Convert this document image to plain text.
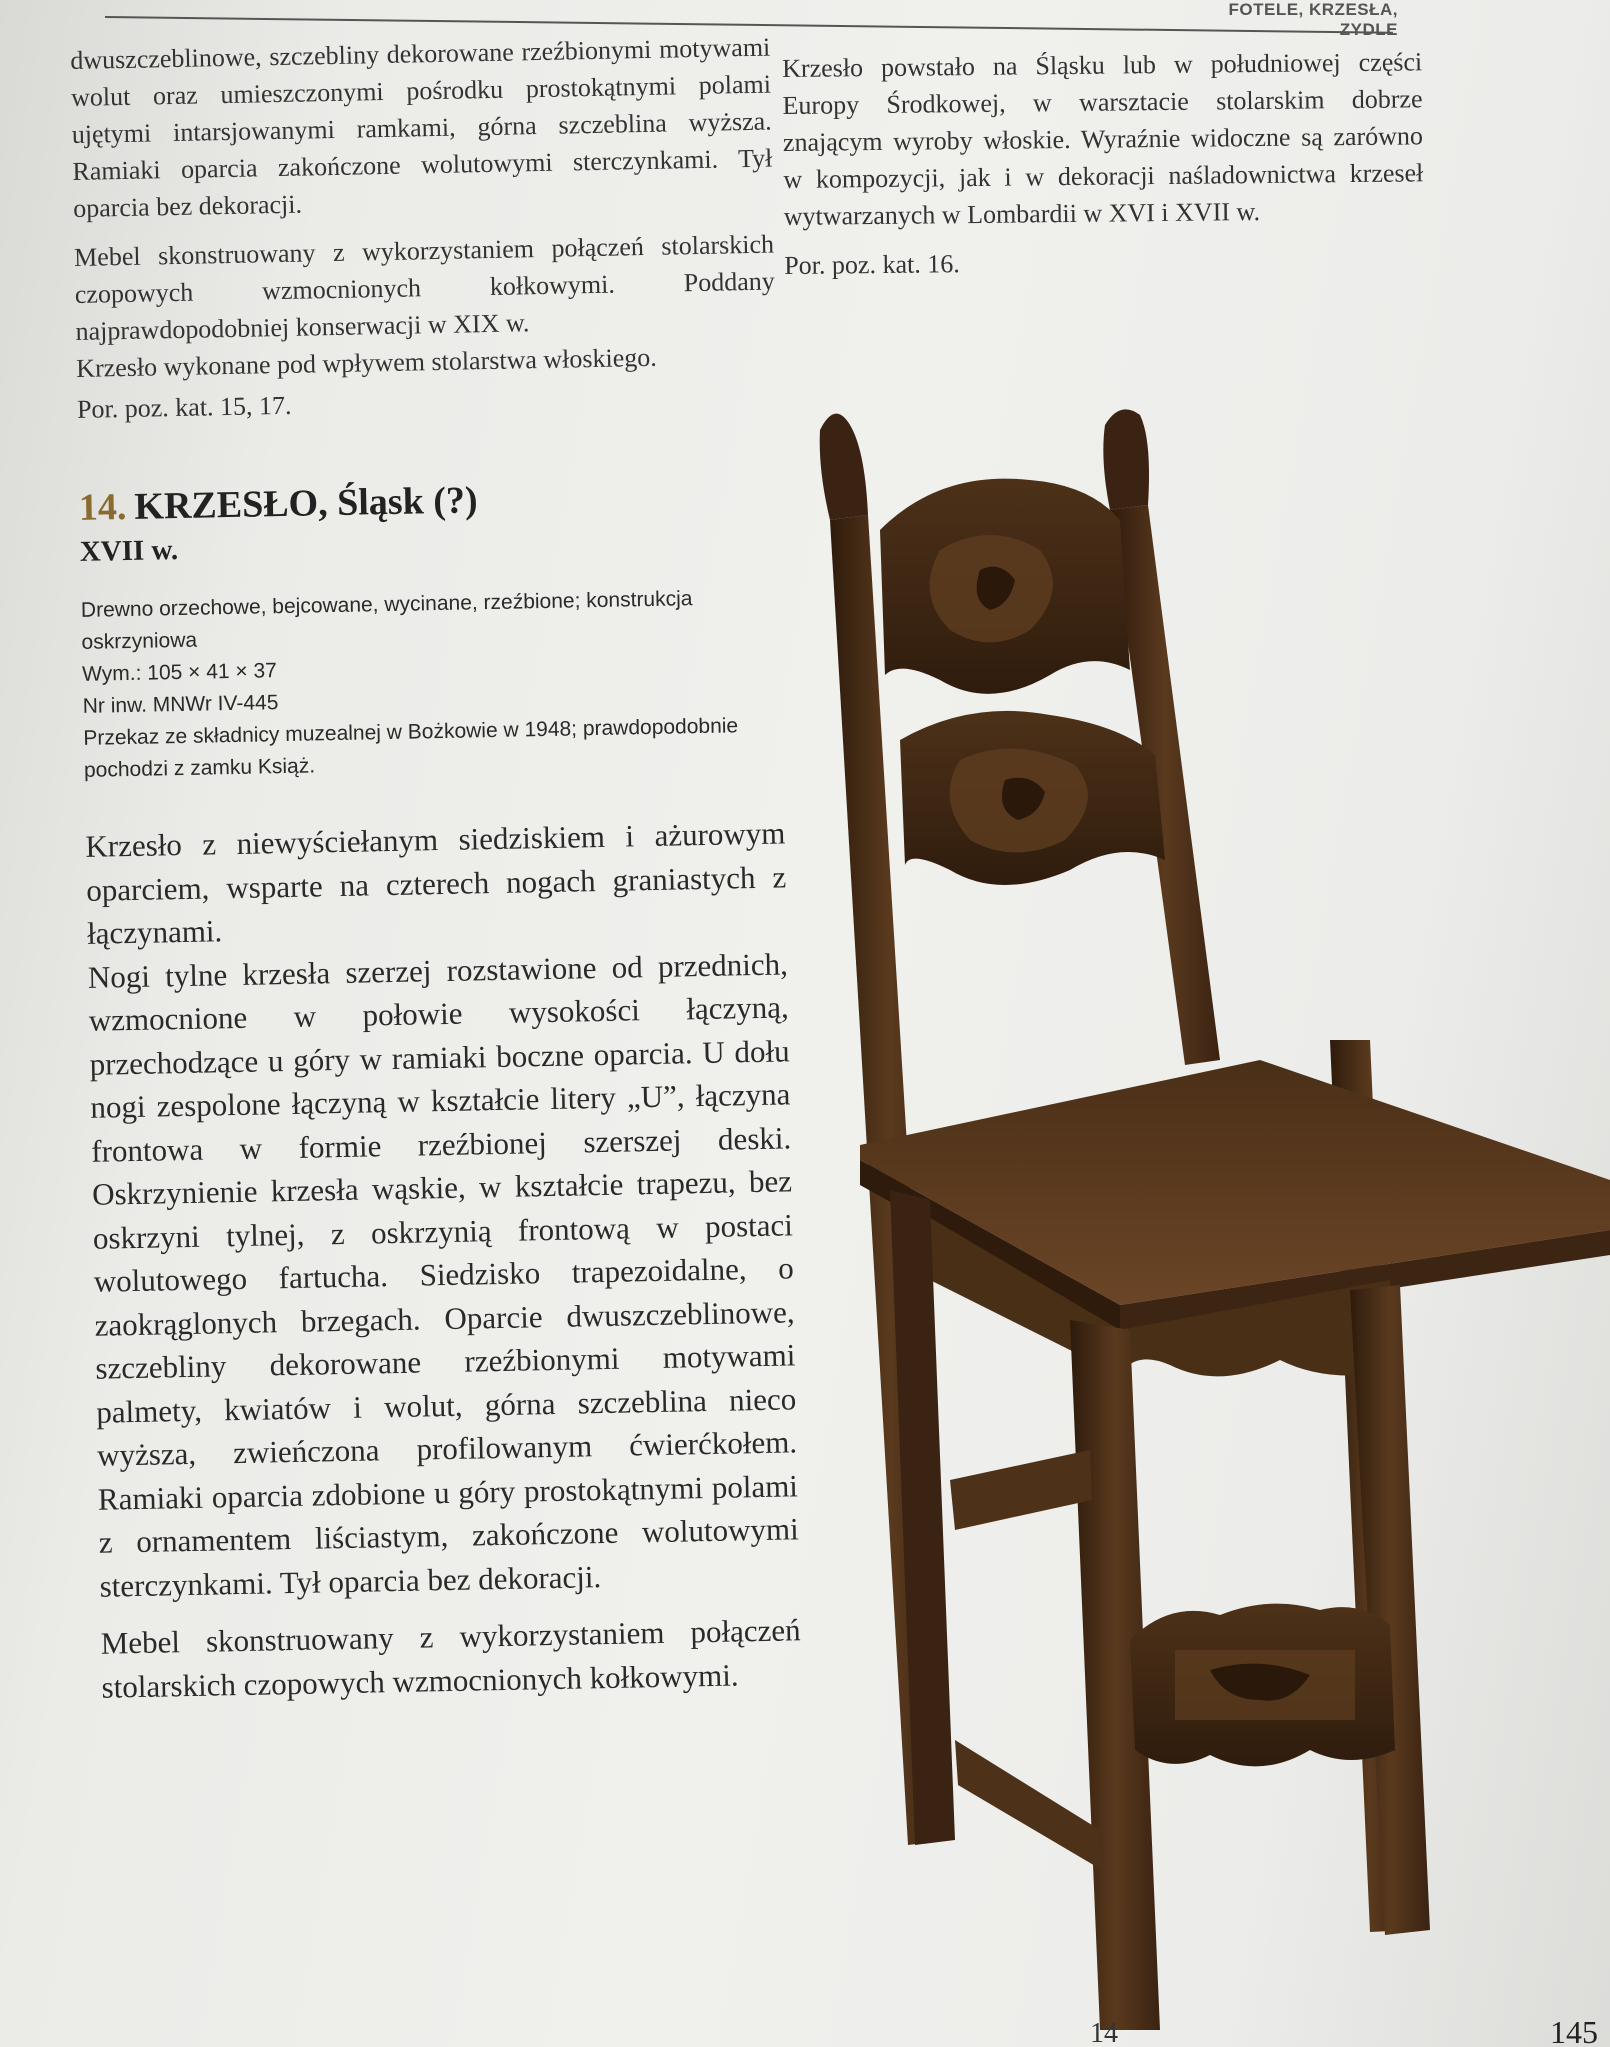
FOTELE, KRZESŁA, ZYDLE

dwuszczeblinowe, szczebliny dekorowane rzeźbionymi motywami wolut oraz umieszczonymi pośrodku prostokątnymi polami ujętymi intarsjowanymi ramkami, górna szczeblina wyższa. Ramiaki oparcia zakończone wolutowymi sterczynkami. Tył oparcia bez dekoracji.

Mebel skonstruowany z wykorzystaniem połączeń stolarskich czopowych wzmocnionych kołkowymi. Poddany najprawdopodobniej konserwacji w XIX w.

Krzesło wykonane pod wpływem stolarstwa włoskiego.

Por. poz. kat. 15, 17.

14. KRZESŁO, Śląsk (?)
XVII w.

Drewno orzechowe, bejcowane, wycinane, rzeźbione; konstrukcja oskrzyniowa

Wym.: 105 × 41 × 37

Nr inw. MNWr IV-445

Przekaz ze składnicy muzealnej w Bożkowie w 1948; prawdopodobnie pochodzi z zamku Książ.

Krzesło z niewyściełanym siedziskiem i ażurowym oparciem, wsparte na czterech nogach graniastych z łączynami.

Nogi tylne krzesła szerzej rozstawione od przednich, wzmocnione w połowie wysokości łączyną, przechodzące u góry w ramiaki boczne oparcia. U dołu nogi zespolone łączyną w kształcie litery „U”, łączyna frontowa w formie rzeźbionej szerszej deski. Oskrzynienie krzesła wąskie, w kształcie trapezu, bez oskrzyni tylnej, z oskrzynią frontową w postaci wolutowego fartucha. Siedzisko trapezoidalne, o zaokrąglonych brzegach. Oparcie dwuszczeblinowe, szczebliny dekorowane rzeźbionymi motywami palmety, kwiatów i wolut, górna szczeblina nieco wyższa, zwieńczona profilowanym ćwierćkołem. Ramiaki oparcia zdobione u góry prostokątnymi polami z ornamentem liściastym, zakończone wolutowymi sterczynkami. Tył oparcia bez dekoracji.

Mebel skonstruowany z wykorzystaniem połączeń stolarskich czopowych wzmocnionych kołkowymi.

Krzesło powstało na Śląsku lub w południowej części Europy Środkowej, w warsztacie stolarskim dobrze znającym wyroby włoskie. Wyraźnie widoczne są zarówno w kompozycji, jak i w dekoracji naśladownictwa krzeseł wytwarzanych w Lombardii w XVI i XVII w.

Por. poz. kat. 16.

14	145
